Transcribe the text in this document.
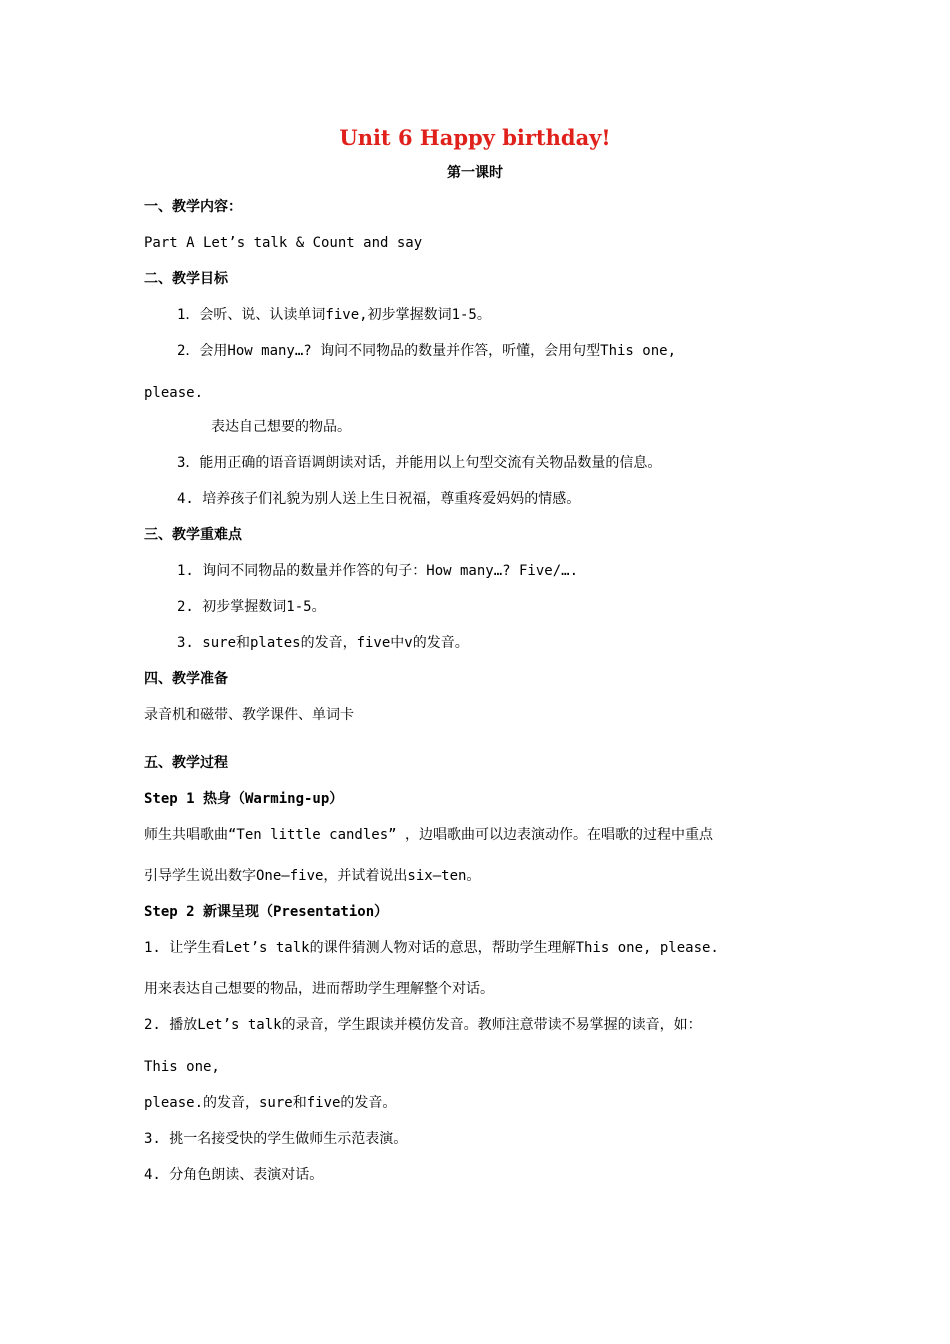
Unit 6 Happy birthday!
第一课时
一、教学内容：
Part A Let’s talk & Count and say
二、教学目标
1．会听、说、认读单词five,初步掌握数词1-5。
2．会用How many…? 询问不同物品的数量并作答，听懂，会用句型This one,
please.
表达自己想要的物品。
3．能用正确的语音语调朗读对话，并能用以上句型交流有关物品数量的信息。
4. 培养孩子们礼貌为别人送上生日祝福，尊重疼爱妈妈的情感。
三、教学重难点
1. 询问不同物品的数量并作答的句子：How many…? Five/….
2. 初步掌握数词1-5。
3. sure和plates的发音，five中v的发音。
四、教学准备
录音机和磁带、教学课件、单词卡
五、教学过程
Step 1 热身（Warming-up）
师生共唱歌曲“Ten little candles” ，边唱歌曲可以边表演动作。在唱歌的过程中重点
引导学生说出数字One—five，并试着说出six—ten。
Step 2 新课呈现（Presentation）
1. 让学生看Let’s talk的课件猜测人物对话的意思，帮助学生理解This one, please.
用来表达自己想要的物品，进而帮助学生理解整个对话。
2. 播放Let’s talk的录音，学生跟读并模仿发音。教师注意带读不易掌握的读音，如：
This one,
please.的发音，sure和five的发音。
3. 挑一名接受快的学生做师生示范表演。
4. 分角色朗读、表演对话。
